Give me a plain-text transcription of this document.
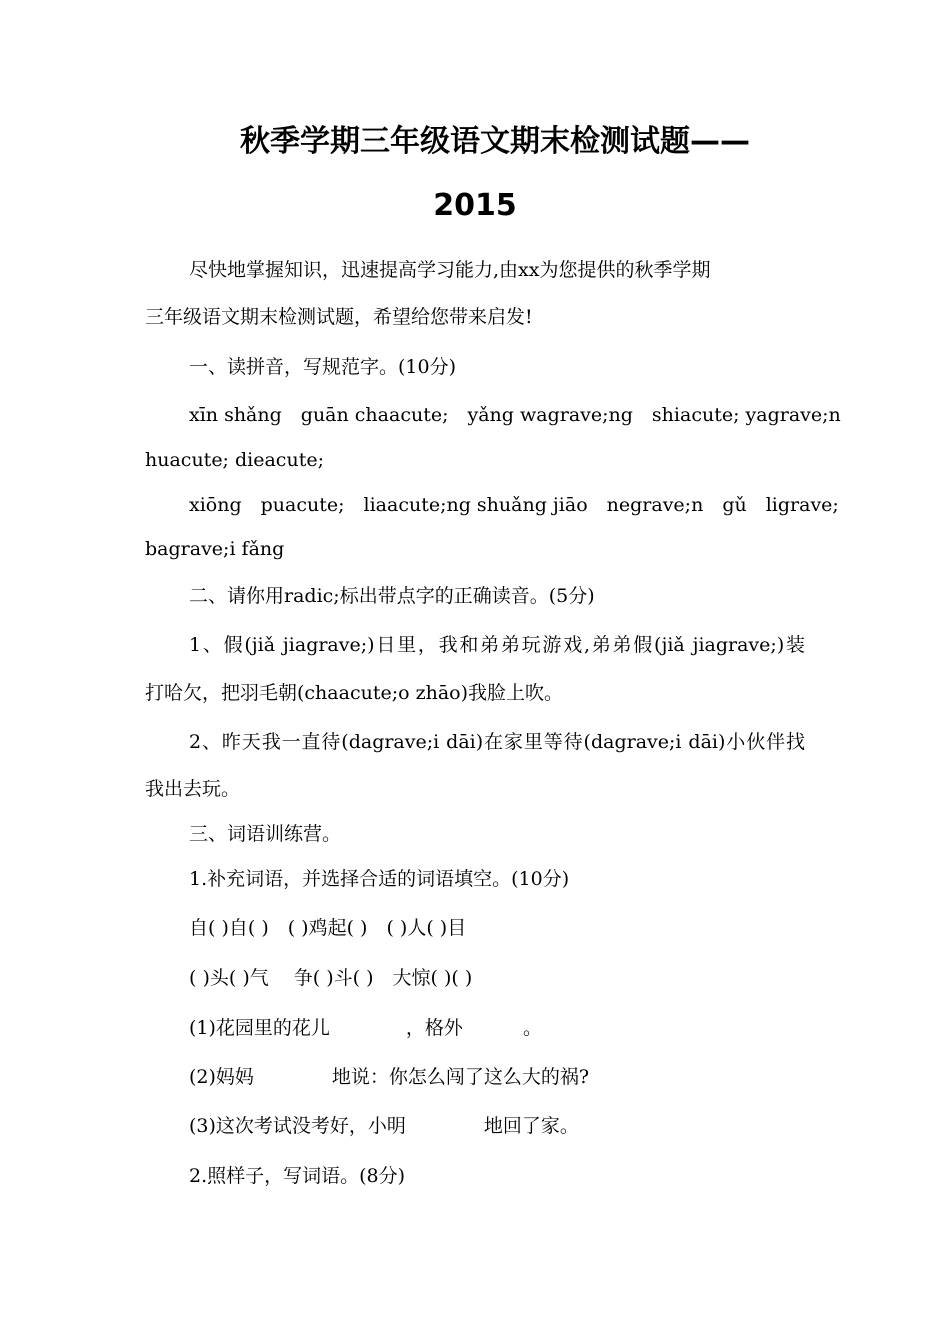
秋季学期三年级语文期末检测试题——
2015
尽快地掌握知识，迅速提高学习能力,由xx为您提供的秋季学期
三年级语文期末检测试题，希望给您带来启发!
一、读拼音，写规范字。(10分)
xīn shǎng　guān chaacute;　yǎng wagrave;ng　shiacute; yagrave;n
huacute; dieacute;
xiōng　puacute;　liaacute;ng shuǎng jiāo　negrave;n　gǔ　ligrave;
bagrave;i fǎng
二、请你用radic;标出带点字的正确读音。(5分)
1、假(jiǎ jiagrave;)日里，我和弟弟玩游戏,弟弟假(jiǎ jiagrave;)装
打哈欠，把羽毛朝(chaacute;o zhāo)我脸上吹。
2、昨天我一直待(dagrave;i dāi)在家里等待(dagrave;i dāi)小伙伴找
我出去玩。
三、词语训练营。
1.补充词语，并选择合适的词语填空。(10分)
自( )自( )　( )鸡起( )　( )人( )目
( )头( )气　 争( )斗( )　大惊( )( )
(1)花园里的花儿	，格外	。
(2)妈妈	地说：你怎么闯了这么大的祸?
(3)这次考试没考好，小明	地回了家。
2.照样子，写词语。(8分)
